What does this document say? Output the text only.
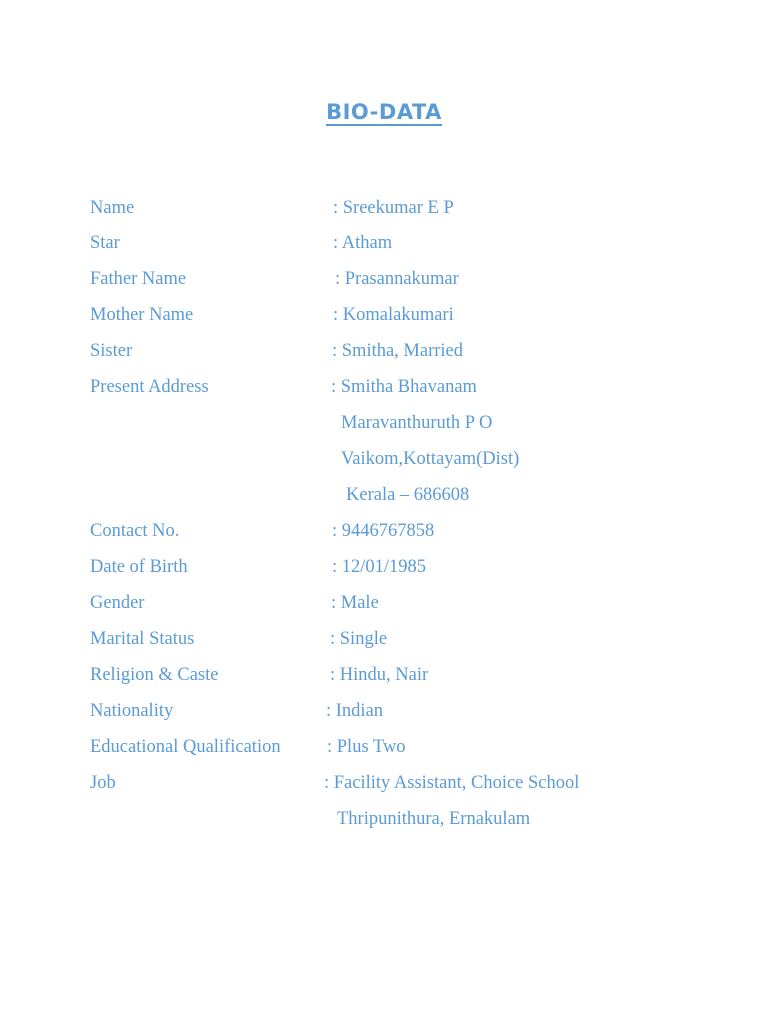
BIO-DATA
Name	: Sreekumar E P
Star	: Atham
Father Name	: Prasannakumar
Mother Name	: Komalakumari
Sister	: Smitha, Married
Present Address	: Smitha Bhavanam
Maravanthuruth P O
Vaikom,Kottayam(Dist)
Kerala – 686608
Contact No.	: 9446767858
Date of Birth	: 12/01/1985
Gender	: Male
Marital Status	: Single
Religion & Caste	: Hindu, Nair
Nationality	: Indian
Educational Qualification	: Plus Two
Job	: Facility Assistant, Choice School
Thripunithura, Ernakulam
